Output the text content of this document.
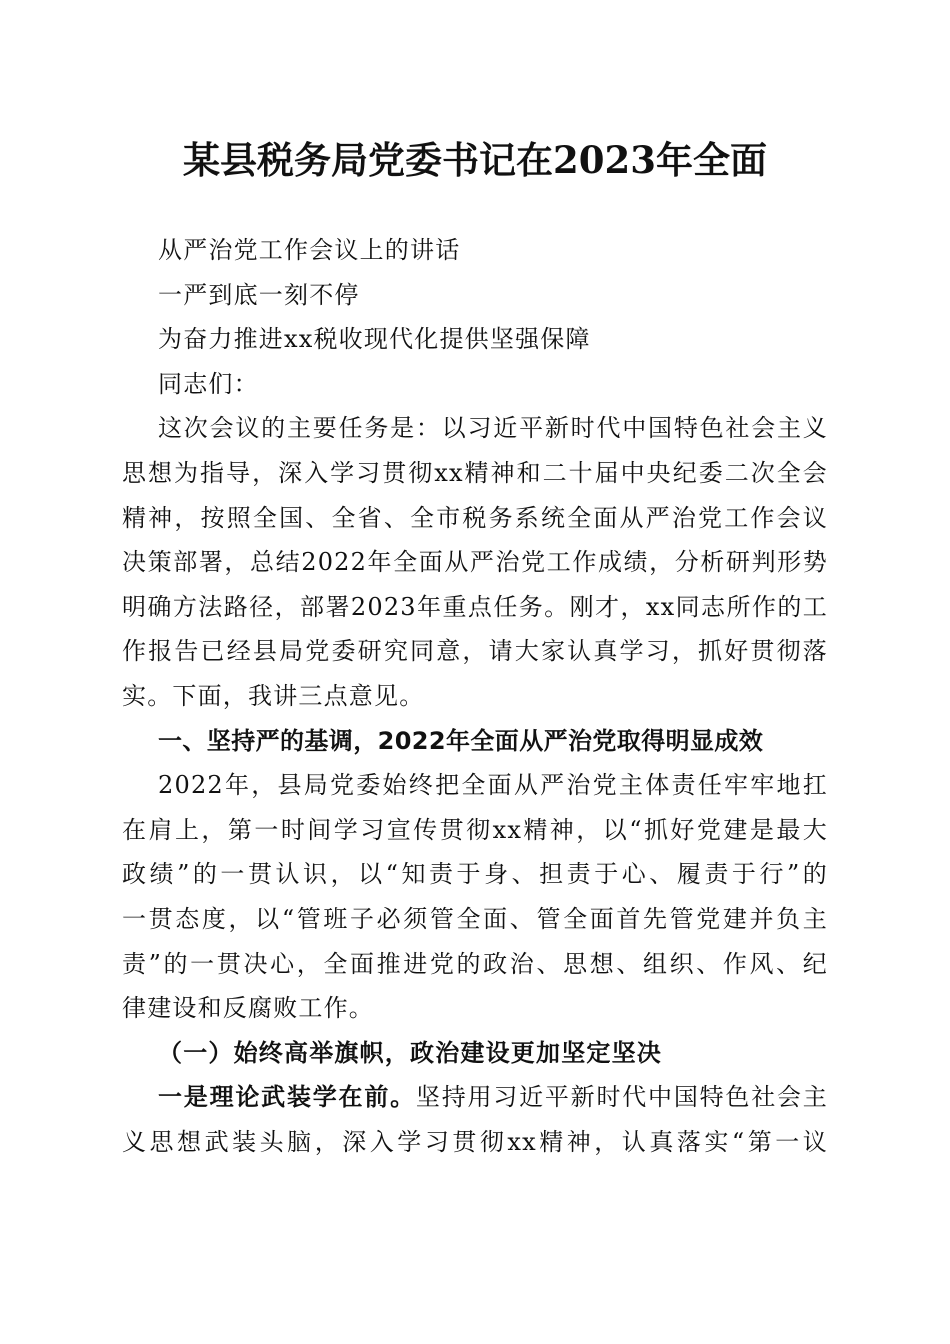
某县税务局党委书记在2023年全面
从严治党工作会议上的讲话
一严到底一刻不停
为奋力推进xx税收现代化提供坚强保障
同志们：
这次会议的主要任务是：以习近平新时代中国特色社会主义
思想为指导，深入学习贯彻xx精神和二十届中央纪委二次全会
精神，按照全国、全省、全市税务系统全面从严治党工作会议
决策部署，总结2022年全面从严治党工作成绩，分析研判形势
明确方法路径，部署2023年重点任务。刚才，xx同志所作的工
作报告已经县局党委研究同意，请大家认真学习，抓好贯彻落
实。下面，我讲三点意见。
一、坚持严的基调，2022年全面从严治党取得明显成效
2022年，县局党委始终把全面从严治党主体责任牢牢地扛
在肩上，第一时间学习宣传贯彻xx精神，以“抓好党建是最大
政绩”的一贯认识，以“知责于身、担责于心、履责于行”的
一贯态度，以“管班子必须管全面、管全面首先管党建并负主
责”的一贯决心，全面推进党的政治、思想、组织、作风、纪
律建设和反腐败工作。
（一）始终高举旗帜，政治建设更加坚定坚决
一是理论武装学在前。坚持用习近平新时代中国特色社会主
义思想武装头脑，深入学习贯彻xx精神，认真落实“第一议
